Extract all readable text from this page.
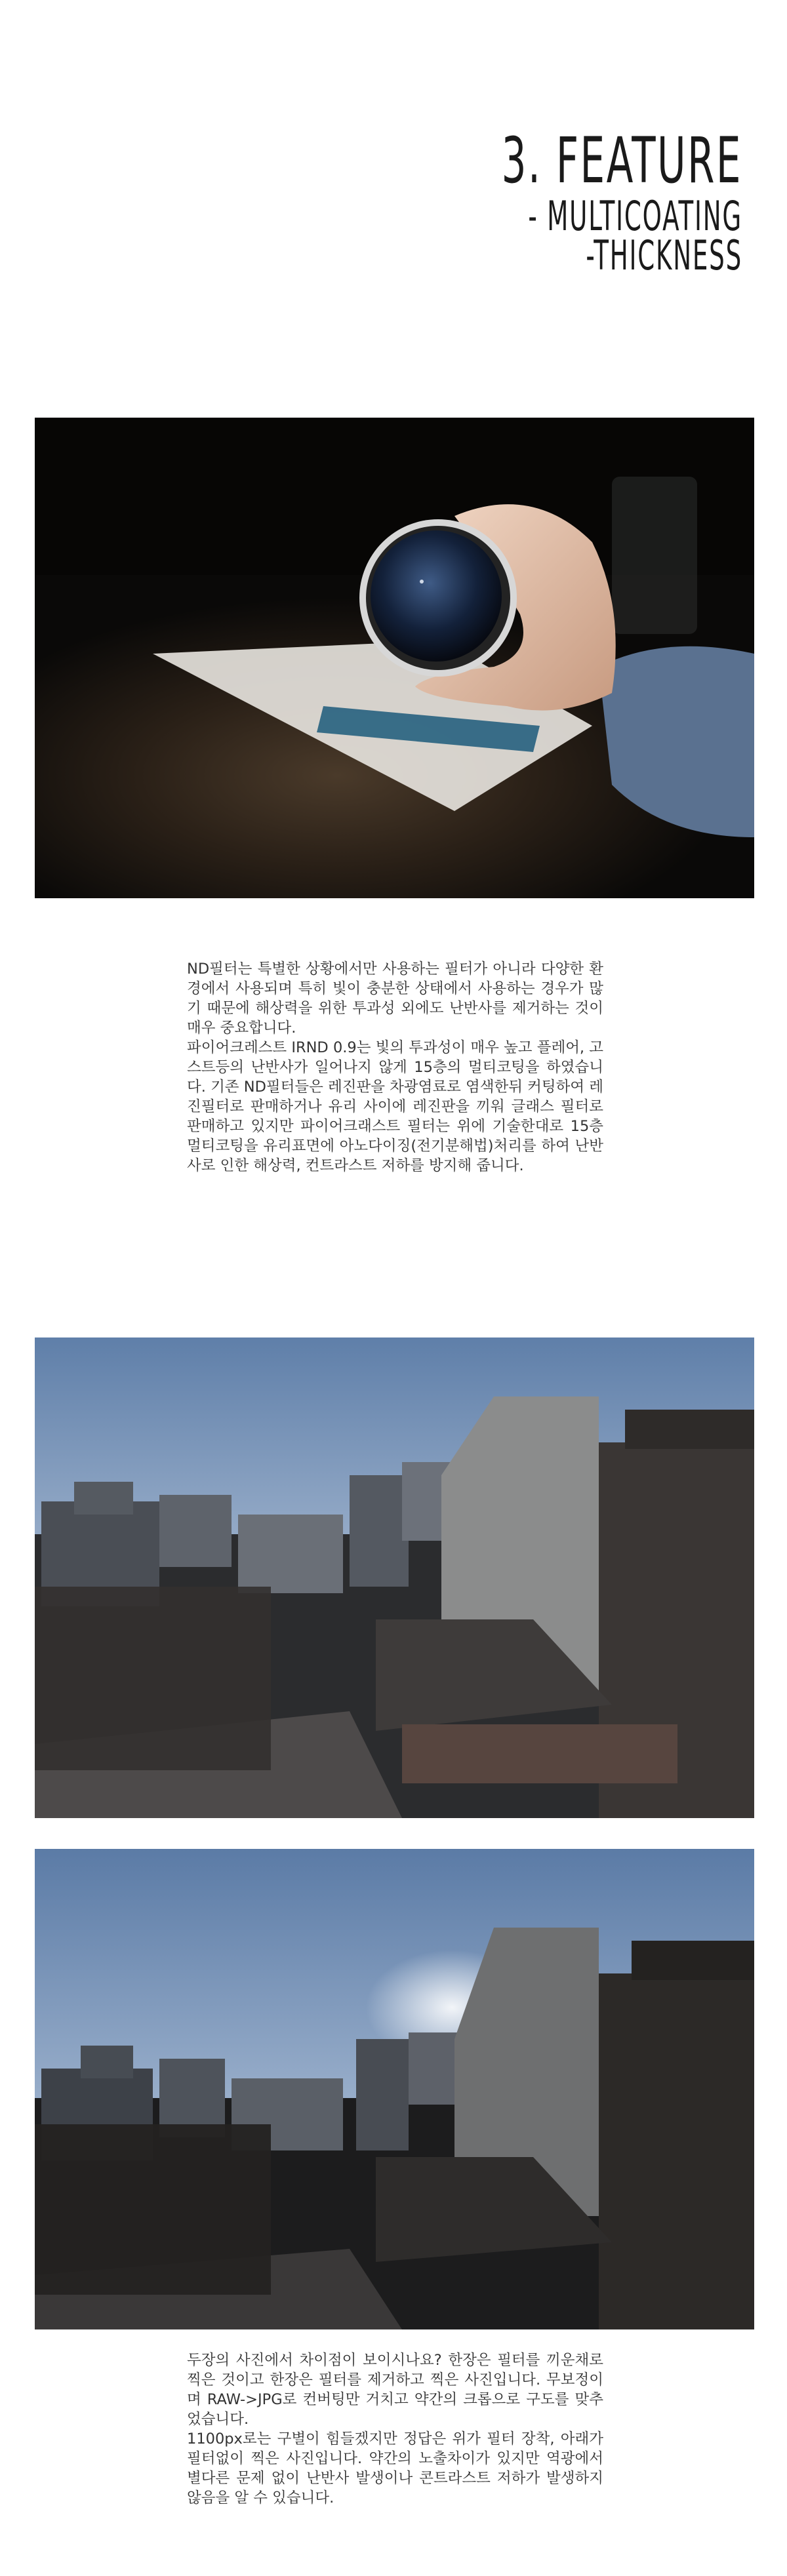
3. FEATURE
- MULTICOATING
-THICKNESS

ND필터는 특별한 상황에서만 사용하는 필터가 아니라 다양한 환경에서 사용되며 특히 빛이 충분한 상태에서 사용하는 경우가 많기 때문에 해상력을 위한 투과성 외에도 난반사를 제거하는 것이 매우 중요합니다.

파이어크레스트 IRND 0.9는 빛의 투과성이 매우 높고 플레어, 고스트등의 난반사가 일어나지 않게 15층의 멀티코팅을 하였습니다. 기존 ND필터들은 레진판을 차광염료로 염색한뒤 커팅하여 레진필터로 판매하거나 유리 사이에 레진판을 끼워 글래스 필터로 판매하고 있지만 파이어크래스트 필터는 위에 기술한대로 15층 멀티코팅을 유리표면에 아노다이징(전기분해법)처리를 하여 난반사로 인한 해상력, 컨트라스트 저하를 방지해 줍니다.

두장의 사진에서 차이점이 보이시나요? 한장은 필터를 끼운채로 찍은 것이고 한장은 필터를 제거하고 찍은 사진입니다. 무보정이며 RAW->JPG로 컨버팅만 거치고 약간의 크롭으로 구도를 맞추었습니다.

1100px로는 구별이 힘들겠지만 정답은 위가 필터 장착, 아래가 필터없이 찍은 사진입니다. 약간의 노출차이가 있지만 역광에서 별다른 문제 없이 난반사 발생이나 콘트라스트 저하가 발생하지 않음을 알 수 있습니다.
